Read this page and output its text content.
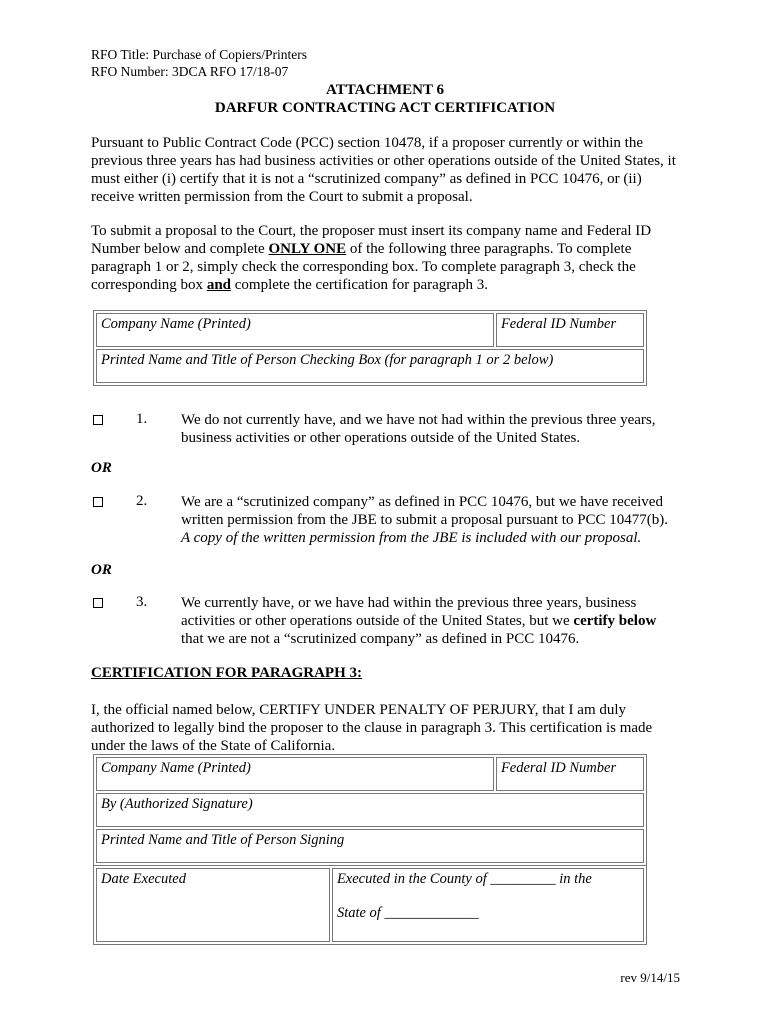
RFO Title: Purchase of Copiers/Printers
RFO Number: 3DCA RFO 17/18-07
ATTACHMENT 6
DARFUR CONTRACTING ACT CERTIFICATION
Pursuant to Public Contract Code (PCC) section 10478, if a proposer currently or within the
previous three years has had business activities or other operations outside of the United States, it
must either (i) certify that it is not a “scrutinized company” as defined in PCC 10476, or (ii)
receive written permission from the Court to submit a proposal.
To submit a proposal to the Court, the proposer must insert its company name and Federal ID
Number below and complete ONLY ONE of the following three paragraphs. To complete
paragraph 1 or 2, simply check the corresponding box. To complete paragraph 3, check the
corresponding box and complete the certification for paragraph 3.
Company Name (Printed)	Federal ID Number
Printed Name and Title of Person Checking Box (for paragraph 1 or 2 below)
1. We do not currently have, and we have not had within the previous three years,
business activities or other operations outside of the United States.
OR
2. We are a “scrutinized company” as defined in PCC 10476, but we have received
written permission from the JBE to submit a proposal pursuant to PCC 10477(b).
A copy of the written permission from the JBE is included with our proposal.
OR
3. We currently have, or we have had within the previous three years, business
activities or other operations outside of the United States, but we certify below
that we are not a “scrutinized company” as defined in PCC 10476.
CERTIFICATION FOR PARAGRAPH 3:
I, the official named below, CERTIFY UNDER PENALTY OF PERJURY, that I am duly
authorized to legally bind the proposer to the clause in paragraph 3. This certification is made
under the laws of the State of California.
Company Name (Printed)	Federal ID Number
By (Authorized Signature)
Printed Name and Title of Person Signing
Date Executed	Executed in the County of _________ in the
State of _____________
rev 9/14/15
